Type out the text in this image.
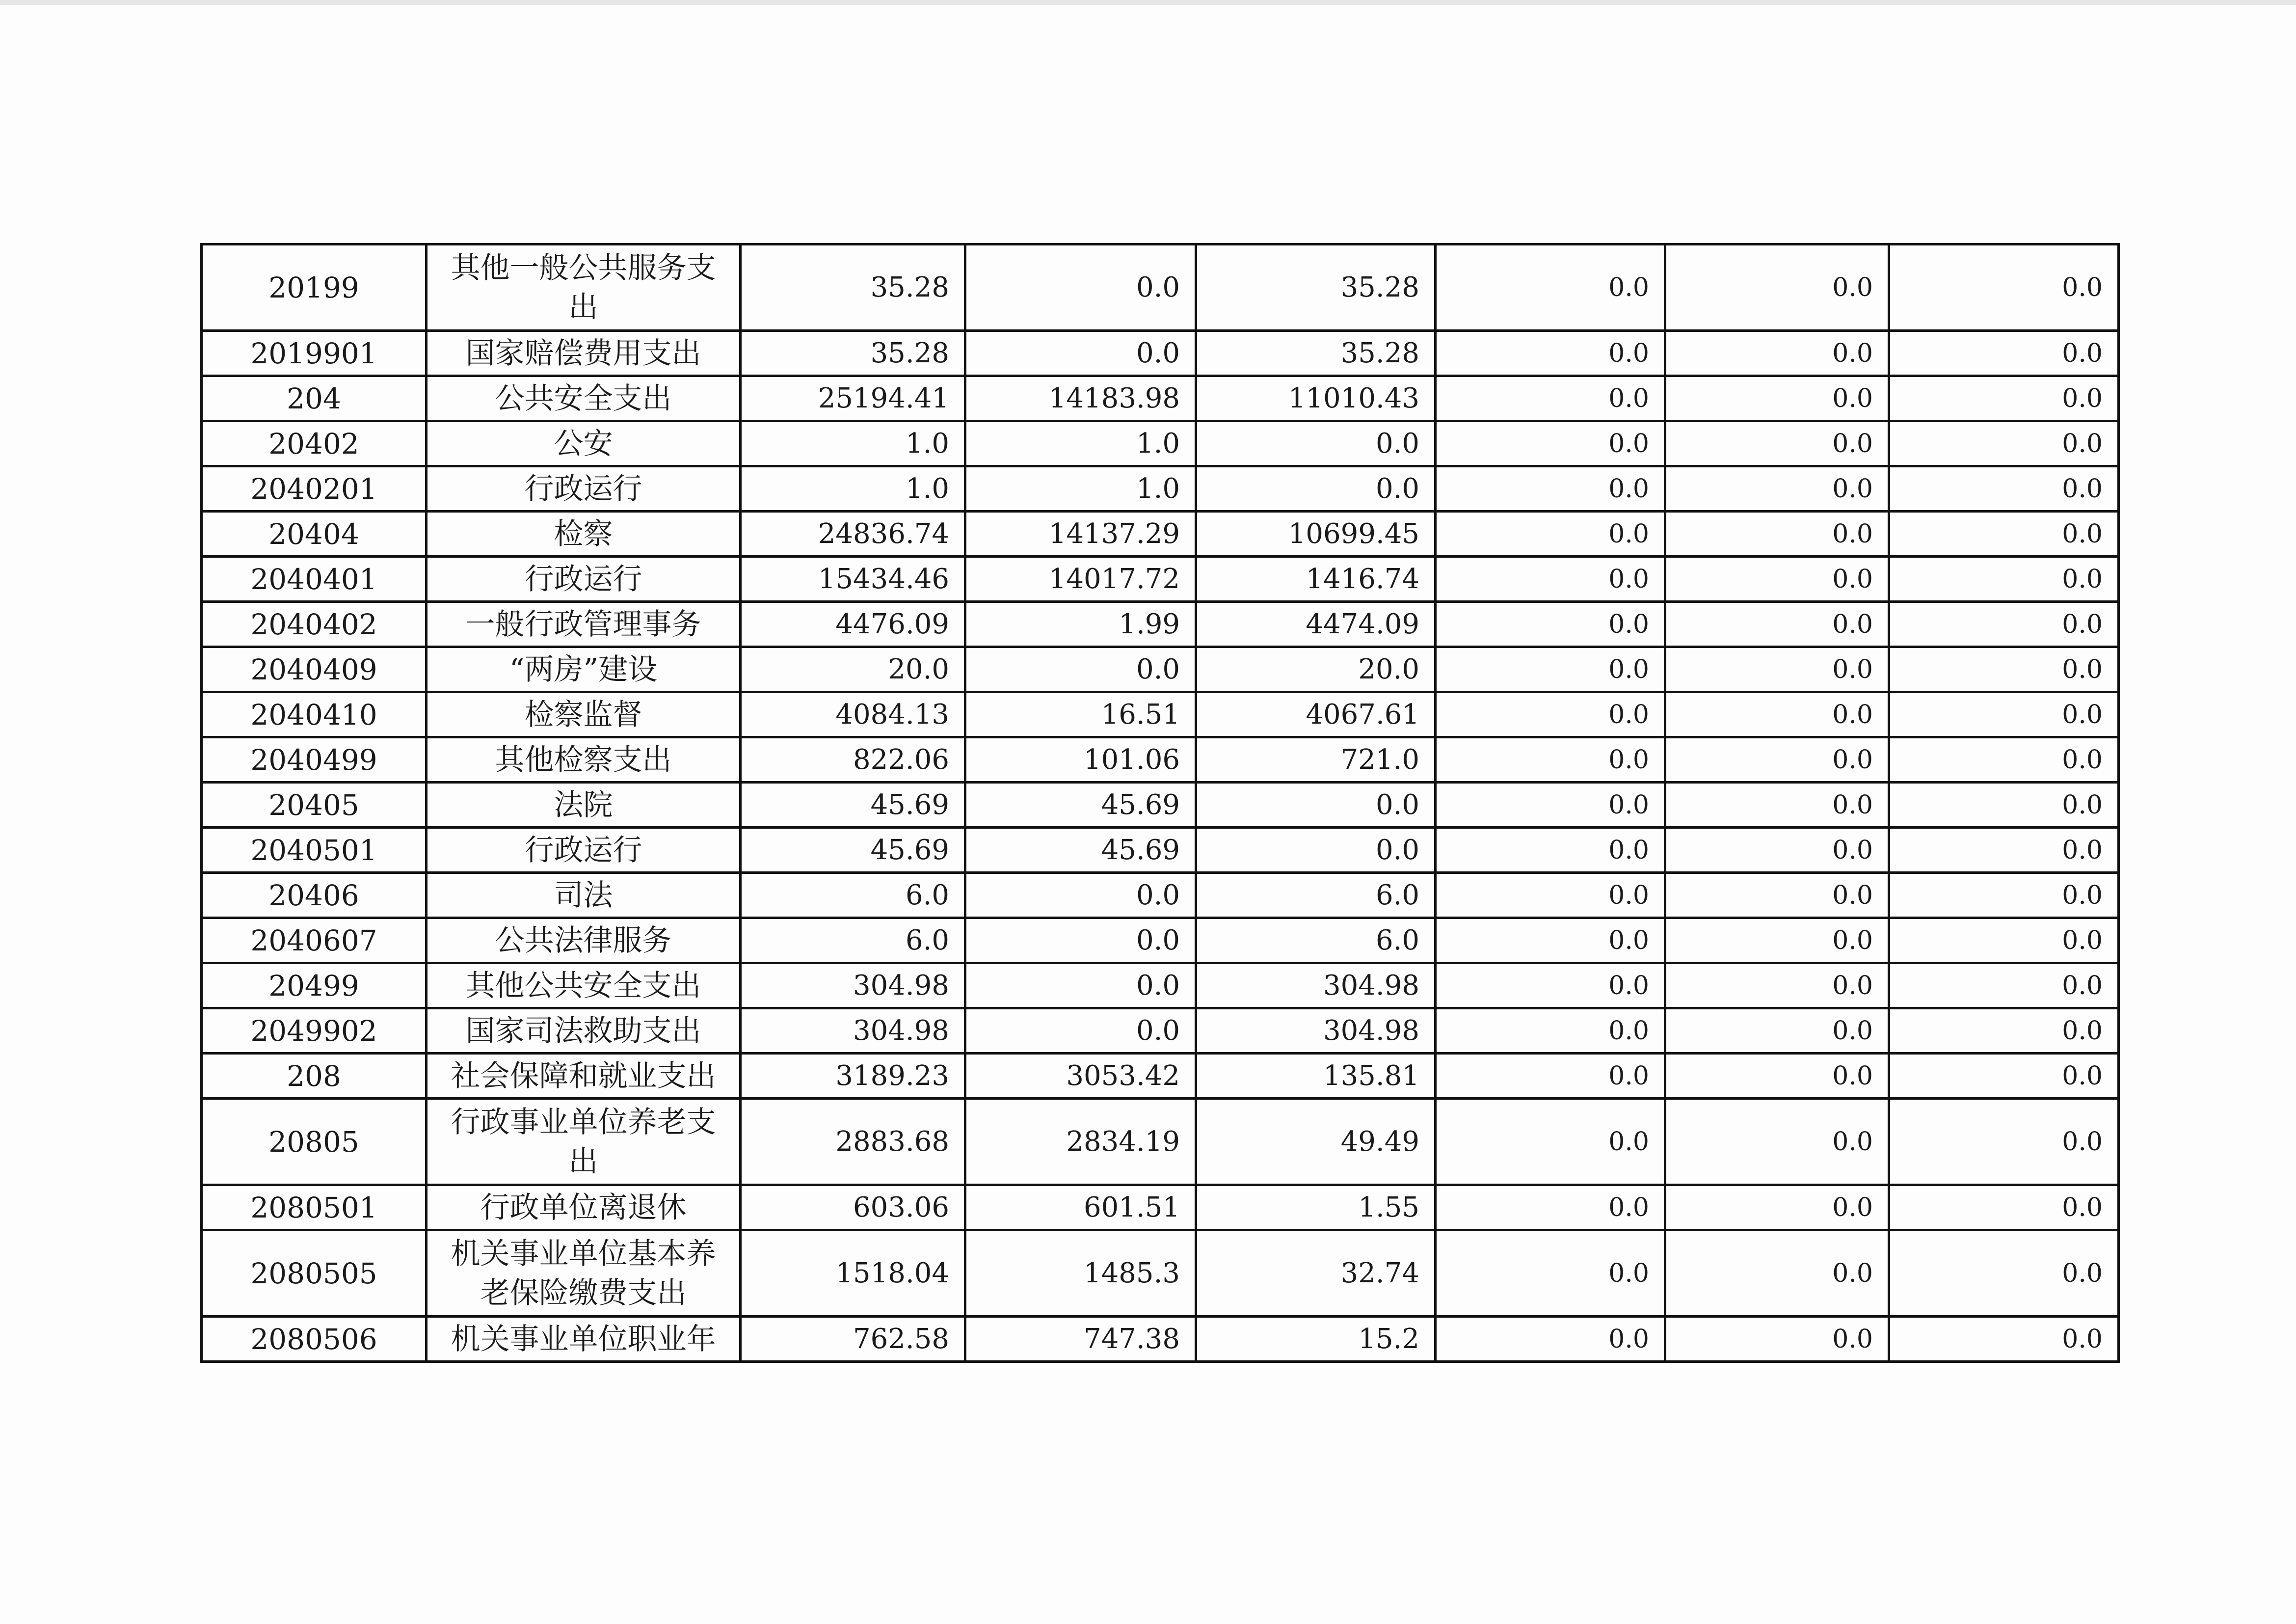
20199	其他一般公共服务支出	35.28	0.0	35.28	0.0	0.0	0.0
2019901	国家赔偿费用支出	35.28	0.0	35.28	0.0	0.0	0.0
204	公共安全支出	25194.41	14183.98	11010.43	0.0	0.0	0.0
20402	公安	1.0	1.0	0.0	0.0	0.0	0.0
2040201	行政运行	1.0	1.0	0.0	0.0	0.0	0.0
20404	检察	24836.74	14137.29	10699.45	0.0	0.0	0.0
2040401	行政运行	15434.46	14017.72	1416.74	0.0	0.0	0.0
2040402	一般行政管理事务	4476.09	1.99	4474.09	0.0	0.0	0.0
2040409	“两房”建设	20.0	0.0	20.0	0.0	0.0	0.0
2040410	检察监督	4084.13	16.51	4067.61	0.0	0.0	0.0
2040499	其他检察支出	822.06	101.06	721.0	0.0	0.0	0.0
20405	法院	45.69	45.69	0.0	0.0	0.0	0.0
2040501	行政运行	45.69	45.69	0.0	0.0	0.0	0.0
20406	司法	6.0	0.0	6.0	0.0	0.0	0.0
2040607	公共法律服务	6.0	0.0	6.0	0.0	0.0	0.0
20499	其他公共安全支出	304.98	0.0	304.98	0.0	0.0	0.0
2049902	国家司法救助支出	304.98	0.0	304.98	0.0	0.0	0.0
208	社会保障和就业支出	3189.23	3053.42	135.81	0.0	0.0	0.0
20805	行政事业单位养老支出	2883.68	2834.19	49.49	0.0	0.0	0.0
2080501	行政单位离退休	603.06	601.51	1.55	0.0	0.0	0.0
2080505	机关事业单位基本养老保险缴费支出	1518.04	1485.3	32.74	0.0	0.0	0.0
2080506	机关事业单位职业年	762.58	747.38	15.2	0.0	0.0	0.0
